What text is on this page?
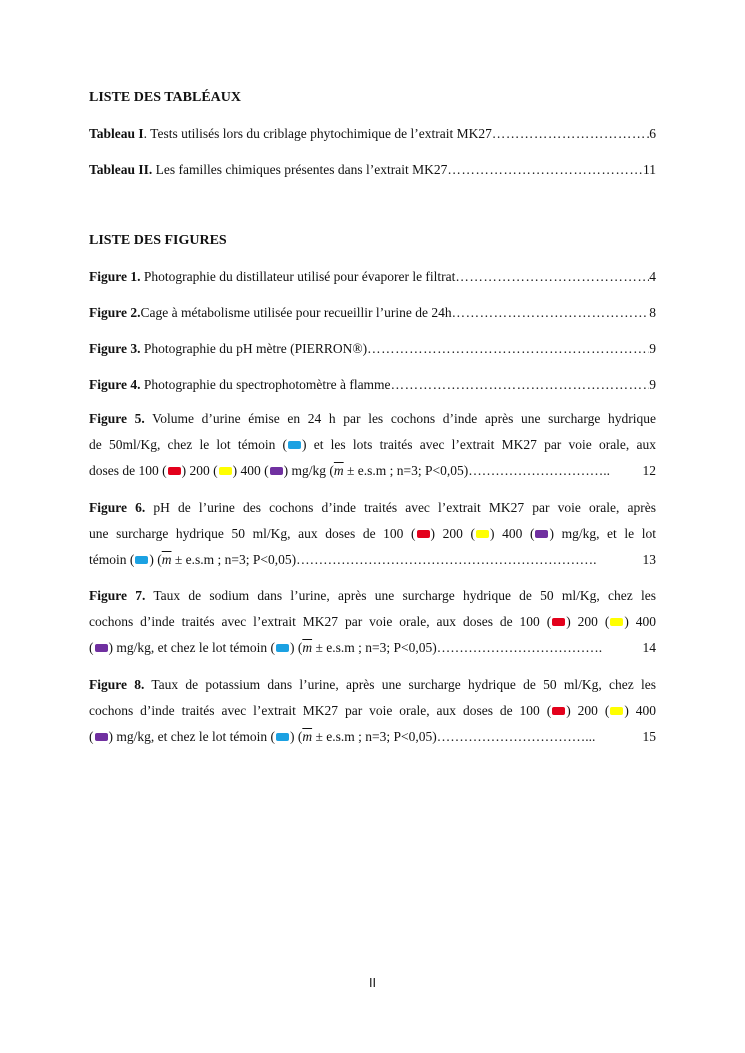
LISTE DES TABLÉAUX
Tableau I. Tests utilisés lors du criblage phytochimique de l’extrait MK27 …………………………………………………………………………………………………………………………………………………………………………………………………………	6
Tableau II. Les familles chimiques présentes dans l’extrait MK27 …………………………………………………………………………………………………………………………………………………………………………………………………………	11
LISTE DES FIGURES
Figure 1. Photographie du distillateur utilisé pour évaporer le filtrat …………………………………………………………………………………………………………………………………………………………………………………………………………	4
Figure 2.Cage à métabolisme utilisée pour recueillir l’urine de 24h …………………………………………………………………………………………………………………………………………………………………………………………………………	8
Figure 3. Photographie du pH mètre (PIERRON®) …………………………………………………………………………………………………………………………………………………………………………………………………………	9
Figure 4. Photographie du spectrophotomètre à flamme …………………………………………………………………………………………………………………………………………………………………………………………………………	9
Figure 5. Volume d’urine émise en 24 h par les cochons d’inde après une surcharge hydrique
de 50ml/Kg, chez le lot témoin ( ) et les lots traités avec l’extrait MK27 par voie orale, aux
doses de 100 ( ) 200 ( ) 400 ( ) mg/kg ($\overline{m} \pm e.s.m$ ; n=3; P<0,05)………………………….. 12
Figure 6. pH de l’urine des cochons d’inde traités avec l’extrait MK27 par voie orale, après
une surcharge hydrique 50 ml/Kg, aux doses de 100 ( ) 200 ( ) 400 ( ) mg/kg, et le lot
témoin ( ) ($\overline{m} \pm e.s.m$ ; n=3; P<0,05)………………………………………………………….	13
Figure 7. Taux de sodium dans l’urine, après une surcharge hydrique de 50 ml/Kg, chez les
cochons d’inde traités avec l’extrait MK27 par voie orale, aux doses de 100 ( ) 200 ( ) 400
( ) mg/kg, et chez le lot témoin ( ) ($\overline{m} \pm e.s.m$ ; n=3; P<0,05)……………………………….	14
Figure 8. Taux de potassium dans l’urine, après une surcharge hydrique de 50 ml/Kg, chez les
cochons d’inde traités avec l’extrait MK27 par voie orale, aux doses de 100 ( ) 200 ( ) 400
( ) mg/kg, et chez le lot témoin ( ) ($\overline{m} \pm e.s.m$ ; n=3; P<0,05)……………………………...	15
II
